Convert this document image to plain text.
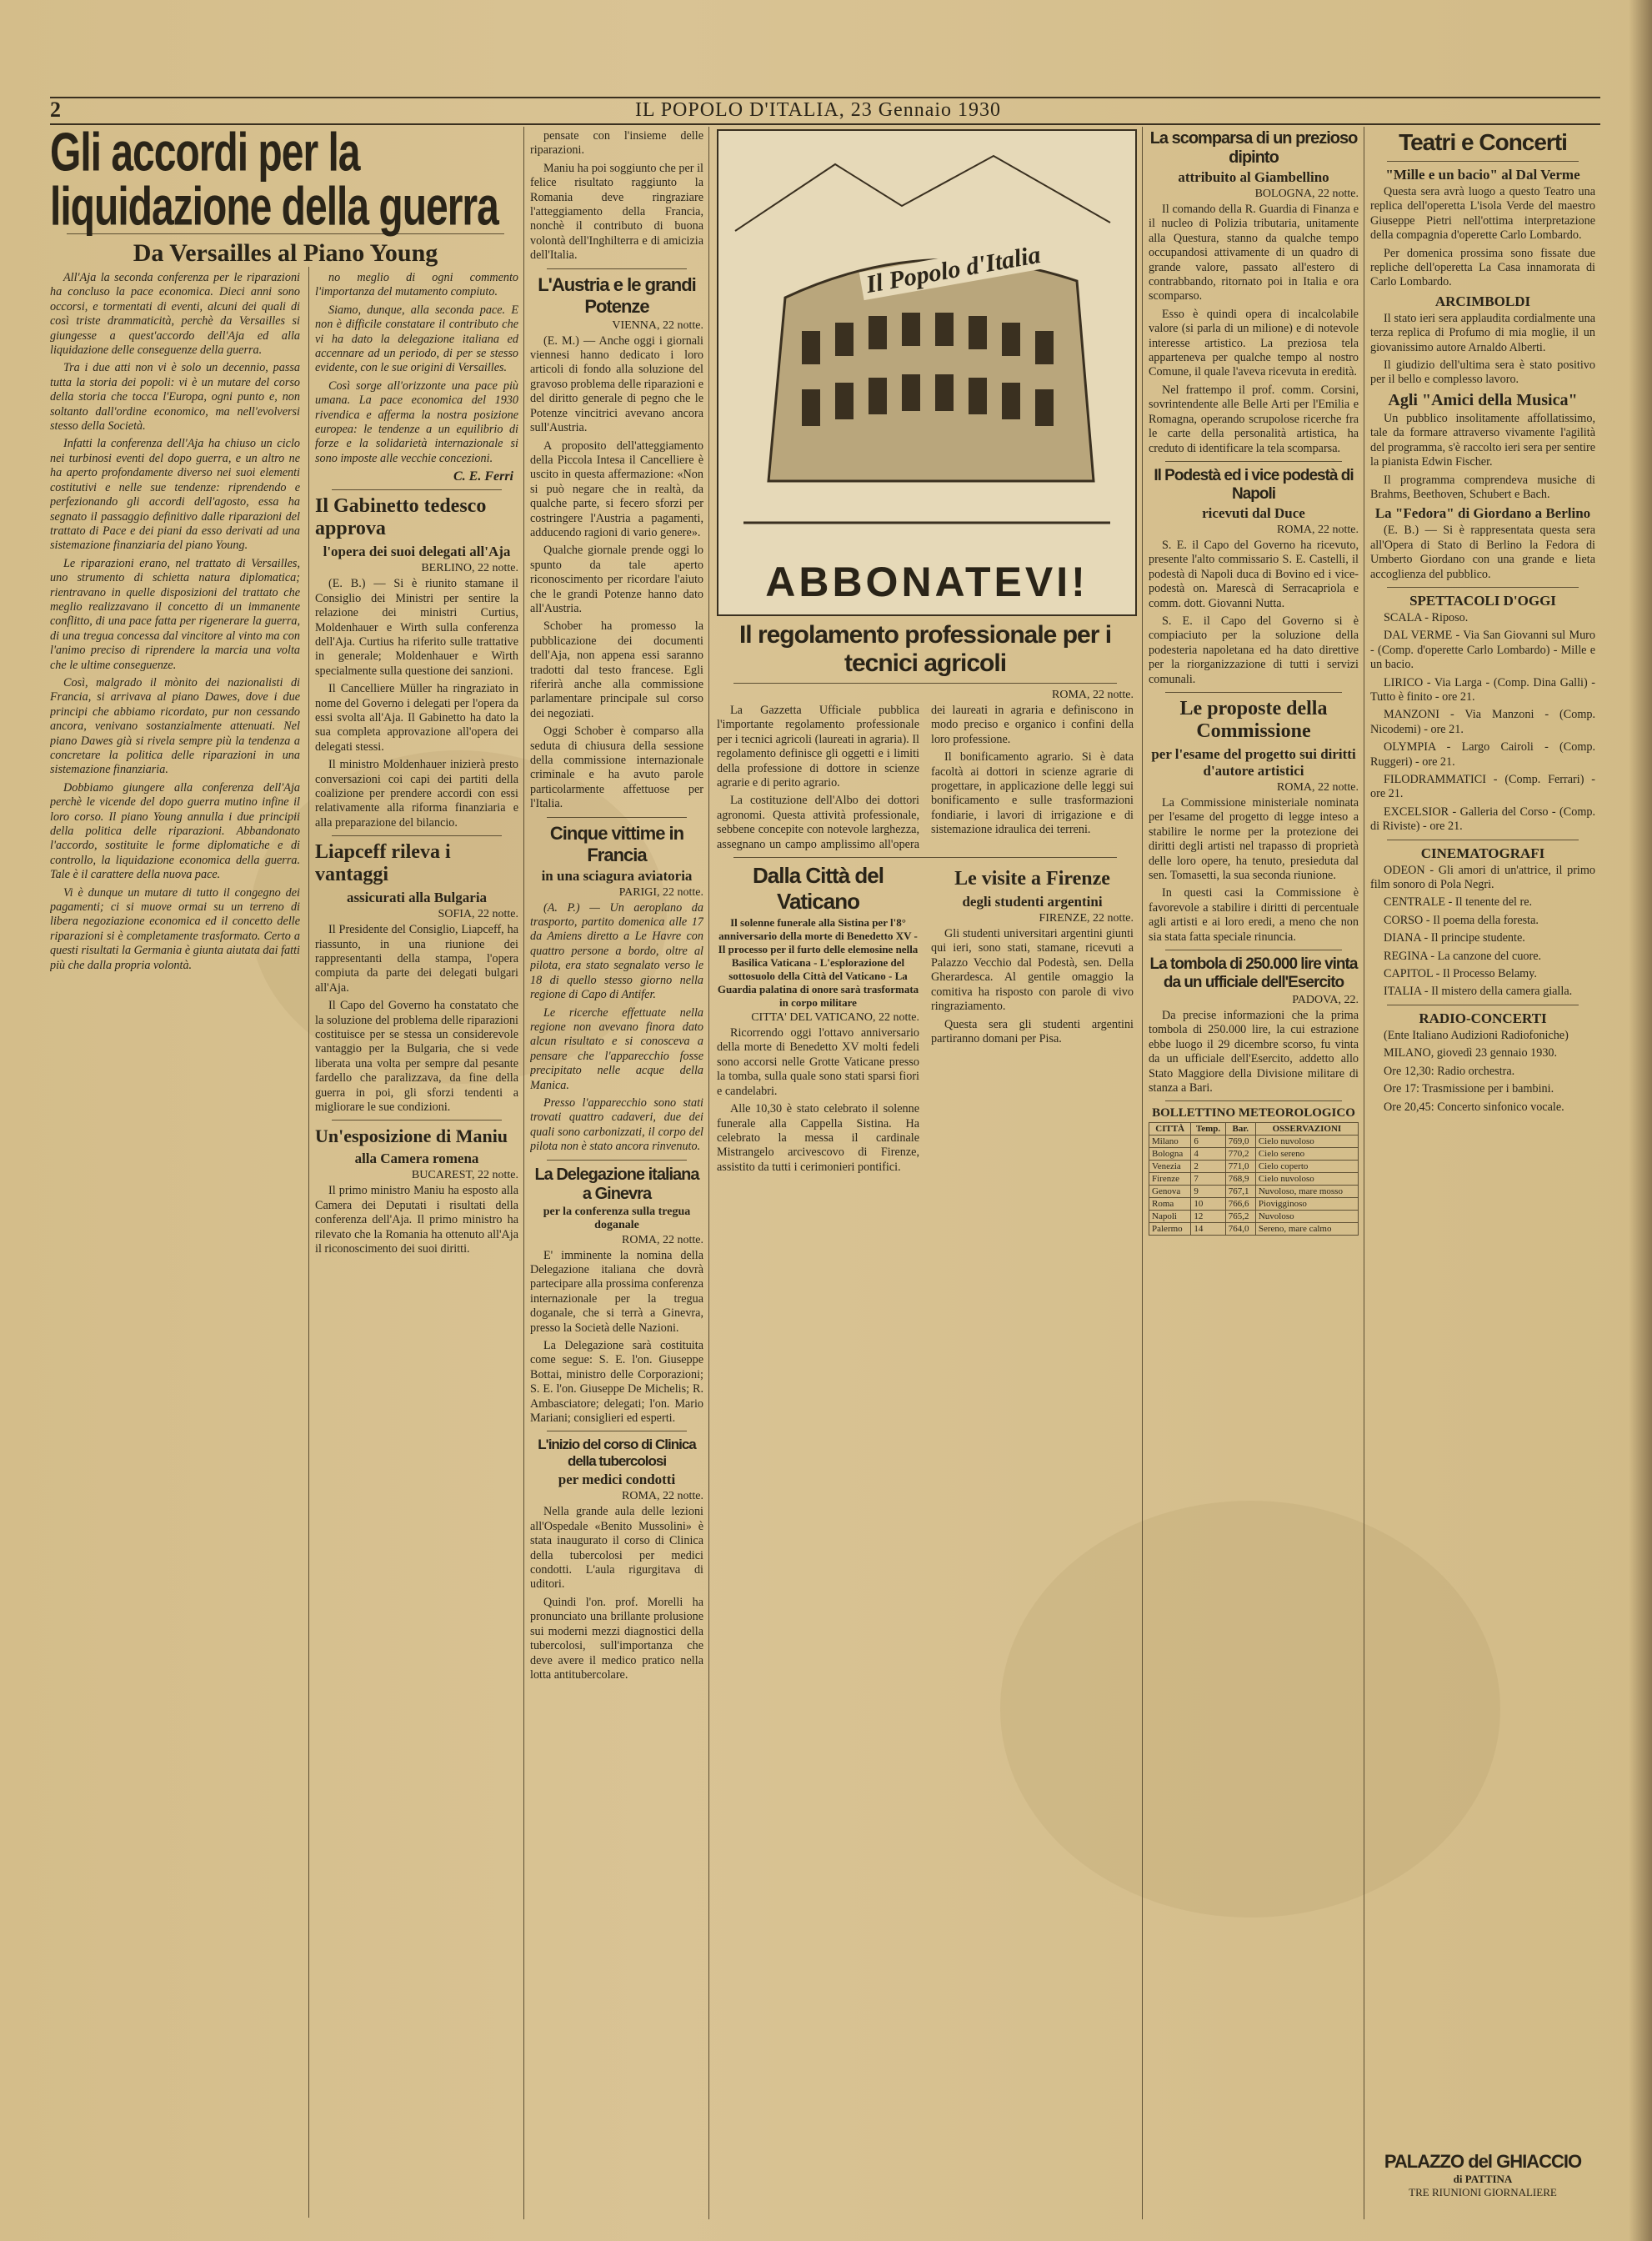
2	IL POPOLO D'ITALIA, 23 Gennaio 1930
Gli accordi per la liquidazione della guerra
Da Versailles al Piano Young

All'Aja la seconda conferenza per le riparazioni ha concluso la pace economica. Dieci anni sono occorsi, e tormentati di eventi, alcuni dei quali di così triste drammaticità, perchè da Versailles si giungesse a quest'accordo dell'Aja ed alla liquidazione delle conseguenze della guerra.

Tra i due atti non vi è solo un decennio, passa tutta la storia dei popoli: vi è un mutare del corso della storia che tocca l'Europa, ogni punto e, non soltanto dall'ordine economico, ma nell'evolversi stesso della Società.

Infatti la conferenza dell'Aja ha chiuso un ciclo nei turbinosi eventi del dopo guerra, e un altro ne ha aperto profondamente diverso nei suoi elementi costitutivi e nelle sue tendenze: riprendendo e perfezionando gli accordi dell'agosto, essa ha segnato il passaggio definitivo dalle riparazioni del trattato di Pace e dei piani da esso derivati ad una sistemazione finanziaria del piano Young.

Le riparazioni erano, nel trattato di Versailles, uno strumento di schietta natura diplomatica; rientravano in quelle disposizioni del trattato che meglio realizzavano il concetto di un immanente conflitto, di una pace fatta per rigenerare la guerra, di una tregua concessa dal vincitore al vinto ma con l'animo preciso di riprendere la marcia una volta che le ultime conseguenze.

Così, malgrado il mònito dei nazionalisti di Francia, si arrivava al piano Dawes, dove i due principi che abbiamo ricordato, pur non cessando ancora, venivano sostanzialmente attenuati. Nel piano Dawes già si rivela sempre più la tendenza a concretare la politica delle riparazioni in una sistemazione finanziaria.

Dobbiamo giungere alla conferenza dell'Aja perchè le vicende del dopo guerra mutino infine il loro corso. Il piano Young annulla i due principii della politica delle riparazioni. Abbandonato l'accordo, sostituite le forme diplomatiche e di controllo, la liquidazione economica della guerra. Tale è il carattere della nuova pace.

Vi è dunque un mutare di tutto il congegno dei pagamenti; ci si muove ormai su un terreno di libera negoziazione economica ed il concetto delle riparazioni si è completamente trasformato. Certo a questi risultati la Germania è giunta aiutata dai fatti più che dalla propria volontà.

no meglio di ogni commento l'importanza del mutamento compiuto.

Siamo, dunque, alla seconda pace. E non è difficile constatare il contributo che vi ha dato la delegazione italiana ed accennare ad un periodo, di per se stesso evidente, con le sue origini di Versailles.

Così sorge all'orizzonte una pace più umana. La pace economica del 1930 rivendica e afferma la nostra posizione europea: le tendenze a un equilibrio di forze e la solidarietà internazionale si sono imposte alle vecchie concezioni.

C. E. Ferri
Il Gabinetto tedesco approva
l'opera dei suoi delegati all'Aja
BERLINO, 22 notte.

(E. B.) — Si è riunito stamane il Consiglio dei Ministri per sentire la relazione dei ministri Curtius, Moldenhauer e Wirth sulla conferenza dell'Aja. Curtius ha riferito sulle trattative in generale; Moldenhauer e Wirth specialmente sulla questione dei sanzioni.

Il Cancelliere Müller ha ringraziato in nome del Governo i delegati per l'opera da essi svolta all'Aja. Il Gabinetto ha dato la sua completa approvazione all'opera dei delegati stessi.

Il ministro Moldenhauer inizierà presto conversazioni coi capi dei partiti della coalizione per prendere accordi con essi relativamente alla riforma finanziaria e alla preparazione del bilancio.

Liapceff rileva i vantaggi
assicurati alla Bulgaria
SOFIA, 22 notte.

Il Presidente del Consiglio, Liapceff, ha riassunto, in una riunione dei rappresentanti della stampa, l'opera compiuta da parte dei delegati bulgari all'Aja.

Il Capo del Governo ha constatato che la soluzione del problema delle riparazioni costituisce per se stessa un considerevole vantaggio per la Bulgaria, che si vede liberata una volta per sempre dal pesante fardello che paralizzava, da fine della guerra in poi, gli sforzi tendenti a migliorare le sue condizioni.

Un'esposizione di Maniu
alla Camera romena
BUCAREST, 22 notte.

Il primo ministro Maniu ha esposto alla Camera dei Deputati i risultati della conferenza dell'Aja. Il primo ministro ha rilevato che la Romania ha ottenuto all'Aja il riconoscimento dei suoi diritti.

pensate con l'insieme delle riparazioni.

Maniu ha poi soggiunto che per il felice risultato raggiunto la Romania deve ringraziare l'atteggiamento della Francia, nonchè il contributo di buona volontà dell'Inghilterra e di amicizia dell'Italia.

L'Austria e le grandi Potenze
VIENNA, 22 notte.

(E. M.) — Anche oggi i giornali viennesi hanno dedicato i loro articoli di fondo alla soluzione del gravoso problema delle riparazioni e del diritto generale di pegno che le Potenze vincitrici avevano ancora sull'Austria.

A proposito dell'atteggiamento della Piccola Intesa il Cancelliere è uscito in questa affermazione: «Non si può negare che in realtà, da qualche parte, si fecero sforzi per costringere l'Austria a pagamenti, adducendo ragioni di vario genere».

Qualche giornale prende oggi lo spunto da tale aperto riconoscimento per ricordare l'aiuto che le grandi Potenze hanno dato all'Austria.

Schober ha promesso la pubblicazione dei documenti dell'Aja, non appena essi saranno tradotti dal testo francese. Egli riferirà anche alla commissione parlamentare principale sul corso dei negoziati.

Oggi Schober è comparso alla seduta di chiusura della sessione della commissione internazionale criminale e ha avuto parole particolarmente affettuose per l'Italia.

Cinque vittime in Francia
in una sciagura aviatoria
PARIGI, 22 notte.

(A. P.) — Un aeroplano da trasporto, partito domenica alle 17 da Amiens diretto a Le Havre con quattro persone a bordo, oltre al pilota, era stato segnalato verso le 18 di quello stesso giorno nella regione di Capo di Antifer.

Le ricerche effettuate nella regione non avevano finora dato alcun risultato e si conosceva a pensare che l'apparecchio fosse precipitato nelle acque della Manica.

Presso l'apparecchio sono stati trovati quattro cadaveri, due dei quali sono carbonizzati, il corpo del pilota non è stato ancora rinvenuto.

La Delegazione italiana a Ginevra
per la conferenza sulla tregua doganale
ROMA, 22 notte.

E' imminente la nomina della Delegazione italiana che dovrà partecipare alla prossima conferenza internazionale per la tregua doganale, che si terrà a Ginevra, presso la Società delle Nazioni.

La Delegazione sarà costituita come segue: S. E. l'on. Giuseppe Bottai, ministro delle Corporazioni; S. E. l'on. Giuseppe De Michelis; R. Ambasciatore; delegati; l'on. Mario Mariani; consiglieri ed esperti.

L'inizio del corso di Clinica della tubercolosi
per medici condotti
ROMA, 22 notte.

Nella grande aula delle lezioni all'Ospedale «Benito Mussolini» è stata inaugurato il corso di Clinica della tubercolosi per medici condotti. L'aula rigurgitava di uditori.

Quindi l'on. prof. Morelli ha pronunciato una brillante prolusione sui moderni mezzi diagnostici della tubercolosi, sull'importanza che deve avere il medico pratico nella lotta antitubercolare.

Il Popolo d'Italia
ABBONATEVI!
Il regolamento professionale per i tecnici agricoli
ROMA, 22 notte.

La Gazzetta Ufficiale pubblica l'importante regolamento professionale per i tecnici agricoli (laureati in agraria). Il regolamento definisce gli oggetti e i limiti della professione di dottore in scienze agrarie e di perito agrario.

La costituzione dell'Albo dei dottori agronomi. Questa attività professionale, sebbene concepite con notevole larghezza, assegnano un campo amplissimo all'opera dei laureati in agraria e definiscono in modo preciso e organico i confini della loro professione.

Il bonificamento agrario. Si è data facoltà ai dottori in scienze agrarie di progettare, in applicazione delle leggi sui bonificamento e sulle trasformazioni fondiarie, i lavori di irrigazione e di sistemazione idraulica dei terreni.

Dalla Città del Vaticano
Il solenne funerale alla Sistina per l'8° anniversario della morte di Benedetto XV - Il processo per il furto delle elemosine nella Basilica Vaticana - L'esplorazione del sottosuolo della Città del Vaticano - La Guardia palatina di onore sarà trasformata in corpo militare
CITTA' DEL VATICANO, 22 notte.

Ricorrendo oggi l'ottavo anniversario della morte di Benedetto XV molti fedeli sono accorsi nelle Grotte Vaticane presso la tomba, sulla quale sono stati sparsi fiori e candelabri.

Alle 10,30 è stato celebrato il solenne funerale alla Cappella Sistina. Ha celebrato la messa il cardinale Mistrangelo arcivescovo di Firenze, assistito da tutti i cerimonieri pontifici.

Le visite a Firenze
degli studenti argentini
FIRENZE, 22 notte.

Gli studenti universitari argentini giunti qui ieri, sono stati, stamane, ricevuti a Palazzo Vecchio dal Podestà, sen. Della Gherardesca. Al gentile omaggio la comitiva ha risposto con parole di vivo ringraziamento.

Questa sera gli studenti argentini partiranno domani per Pisa.

La scomparsa di un prezioso dipinto
attribuito al Giambellino
BOLOGNA, 22 notte.

Il comando della R. Guardia di Finanza e il nucleo di Polizia tributaria, unitamente alla Questura, stanno da qualche tempo occupandosi attivamente di un quadro di grande valore, passato all'estero di contrabbando, ritornato poi in Italia e ora scomparso.

Esso è quindi opera di incalcolabile valore (si parla di un milione) e di notevole interesse artistico. La preziosa tela apparteneva per qualche tempo al nostro Comune, il quale l'aveva ricevuta in eredità.

Nel frattempo il prof. comm. Corsini, sovrintendente alle Belle Arti per l'Emilia e Romagna, operando scrupolose ricerche fra le carte della personalità artistica, ha creduto di identificare la tela scomparsa.

Il Podestà ed i vice podestà di Napoli
ricevuti dal Duce
ROMA, 22 notte.

S. E. il Capo del Governo ha ricevuto, presente l'alto commissario S. E. Castelli, il podestà di Napoli duca di Bovino ed i vice-podestà on. Marescà di Serracapriola e comm. dott. Giovanni Nutta.

S. E. il Capo del Governo si è compiaciuto per la soluzione della podesteria napoletana ed ha dato direttive per la riorganizzazione di tutti i servizi comunali.

Le proposte della Commissione
per l'esame del progetto sui diritti d'autore artistici
ROMA, 22 notte.

La Commissione ministeriale nominata per l'esame del progetto di legge inteso a stabilire le norme per la protezione dei diritti degli artisti nel trapasso di proprietà delle loro opere, ha tenuto, presieduta dal sen. Tomasetti, la sua seconda riunione.

In questi casi la Commissione è favorevole a stabilire i diritti di percentuale agli artisti e ai loro eredi, a meno che non sia stata fatta speciale rinuncia.

La tombola di 250.000 lire vinta da un ufficiale dell'Esercito
PADOVA, 22.

Da precise informazioni che la prima tombola di 250.000 lire, la cui estrazione ebbe luogo il 29 dicembre scorso, fu vinta da un ufficiale dell'Esercito, addetto allo Stato Maggiore della Divisione militare di stanza a Bari.

BOLLETTINO METEOROLOGICO
CITTÀ	Temp.	Bar.	OSSERVAZIONI
Milano	6	769,0	Cielo nuvoloso
Bologna	4	770,2	Cielo sereno
Venezia	2	771,0	Cielo coperto
Firenze	7	768,9	Cielo nuvoloso
Genova	9	767,1	Nuvoloso, mare mosso
Roma	10	766,6	Piovigginoso
Napoli	12	765,2	Nuvoloso
Palermo	14	764,0	Sereno, mare calmo
Teatri e Concerti
"Mille e un bacio" al Dal Verme

Questa sera avrà luogo a questo Teatro una replica dell'operetta L'isola Verde del maestro Giuseppe Pietri nell'ottima interpretazione della compagnia d'operette Carlo Lombardo.

Per domenica prossima sono fissate due repliche dell'operetta La Casa innamorata di Carlo Lombardo.

ARCIMBOLDI

Il stato ieri sera applaudita cordialmente una terza replica di Profumo di mia moglie, il un giovanissimo autore Arnaldo Alberti.

Il giudizio dell'ultima sera è stato positivo per il bello e complesso lavoro.

Agli "Amici della Musica"

Un pubblico insolitamente affollatissimo, tale da formare attraverso vivamente l'agilità del programma, s'è raccolto ieri sera per sentire la pianista Edwin Fischer.

Il programma comprendeva musiche di Brahms, Beethoven, Schubert e Bach.

La "Fedora" di Giordano a Berlino

(E. B.) — Si è rappresentata questa sera all'Opera di Stato di Berlino la Fedora di Umberto Giordano con una grande e lieta accoglienza del pubblico.

SPETTACOLI D'OGGI

SCALA - Riposo.

DAL VERME - Via San Giovanni sul Muro - (Comp. d'operette Carlo Lombardo) - Mille e un bacio.

LIRICO - Via Larga - (Comp. Dina Galli) - Tutto è finito - ore 21.

MANZONI - Via Manzoni - (Comp. Nicodemi) - ore 21.

OLYMPIA - Largo Cairoli - (Comp. Ruggeri) - ore 21.

FILODRAMMATICI - (Comp. Ferrari) - ore 21.

EXCELSIOR - Galleria del Corso - (Comp. di Riviste) - ore 21.

CINEMATOGRAFI

ODEON - Gli amori di un'attrice, il primo film sonoro di Pola Negri.

CENTRALE - Il tenente del re.

CORSO - Il poema della foresta.

DIANA - Il principe studente.

REGINA - La canzone del cuore.

CAPITOL - Il Processo Belamy.

ITALIA - Il mistero della camera gialla.

RADIO-CONCERTI

(Ente Italiano Audizioni Radiofoniche)

MILANO, giovedì 23 gennaio 1930.

Ore 12,30: Radio orchestra.

Ore 17: Trasmissione per i bambini.

Ore 20,45: Concerto sinfonico vocale.

PALAZZO del GHIACCIO
di PATTINA
TRE RIUNIONI GIORNALIERE
